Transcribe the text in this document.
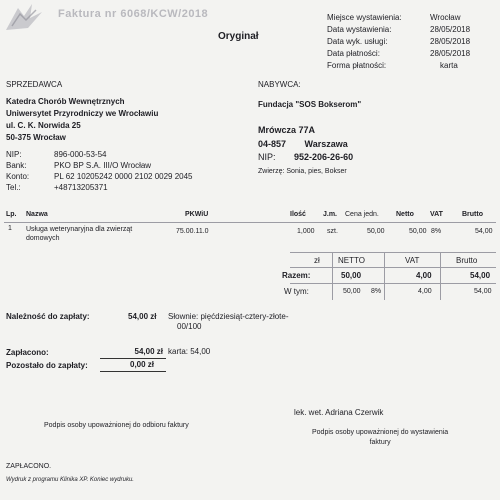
Faktura nr 6068/KCW/2018
Oryginał
Miejsce wystawienia:	Wrocław
Data wystawienia:	28/05/2018
Data wyk. usługi:	28/05/2018
Data płatności:	28/05/2018
Forma płatności:	karta
SPRZEDAWCA
Katedra Chorób Wewnętrznych
Uniwersytet Przyrodniczy we Wrocławiu
ul. C. K. Norwida 25
50-375 Wrocław
NIP:	896-000-53-54
Bank:	PKO BP S.A. III/O Wrocław
Konto:	PL 62 10205242 0000 2102 0029 2045
Tel.:	+48713205371
NABYWCA:
Fundacja "SOS Bokserom"
Mrówcza 77A
04-857 Warszawa
NIP: 952-206-26-60
Zwierzę: Sonia, pies, Bokser
Lp. Nazwa	PKWiU	Ilość J.m. Cena jedn. Netto VAT	Brutto
1 Usługa weterynaryjna dla zwierząt
domowych
75.00.11.0	1,000 szt.	50,00	50,00 8%	54,00
zł NETTO	VAT	Brutto
Razem:	50,00	4,00	54,00
W tym:	50,00 8%	4,00	54,00
Należność do zapłaty:	54,00 zł Słownie: pięćdziesiąt-cztery-złote-
00/100
Zapłacono:	54,00 zł karta: 54,00
Pozostało do zapłaty:	0,00 zł
lek. wet. Adriana Czerwik
Podpis osoby upoważnionej do odbioru faktury
Podpis osoby upoważnionej do wystawienia
faktury
ZAPŁACONO.
Wydruk z programu Klinika XP. Koniec wydruku.
